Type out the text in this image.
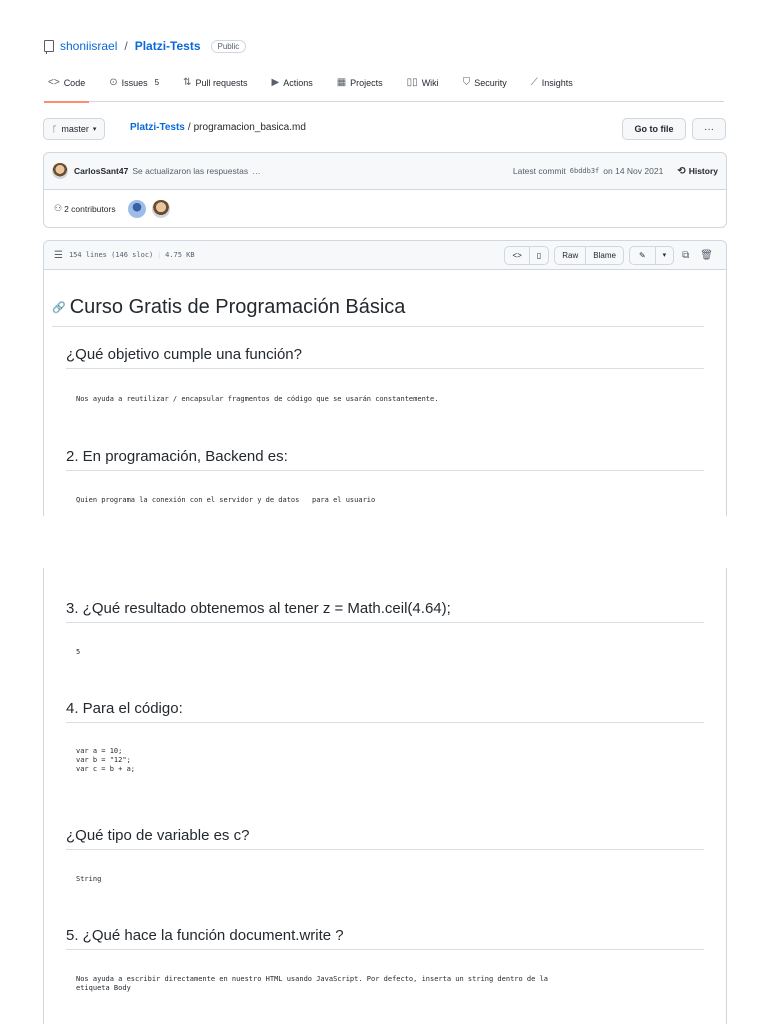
shoniisrael / Platzi-Tests	Public
<> Code ⊙ Issues 5 ⇅ Pull requests ▶ Actions ▦ Projects ▯▯ Wiki ⛉ Security ⟋ Insights
ᚴ master ▾	Platzi-Tests / programacion_basica.md	Go to file	···
CarlosSant47 Se actualizaron las respuestas …	Latest commit 6bddb3f on 14 Nov 2021 ⟲ History
⚇ 2 contributors
☰ 154 lines (146 sloc) | 4.75 KB	<>	▯	Raw	Blame	✎	▾	⧉	🗑
🔗 Curso Gratis de Programación Básica
¿Qué objetivo cumple una función?
Nos ayuda a reutilizar / encapsular fragmentos de código que se usarán constantemente.
2. En programación, Backend es:
Quien programa la conexión con el servidor y de datos   para el usuario
3. ¿Qué resultado obtenemos al tener z = Math.ceil(4.64);
5
4. Para el código:
var a = 10;
var b = "12";
var c = b + a;
¿Qué tipo de variable es c?
String
5. ¿Qué hace la función document.write ?
Nos ayuda a escribir directamente en nuestro HTML usando JavaScript. Por defecto, inserta un string dentro de la
etiqueta Body
